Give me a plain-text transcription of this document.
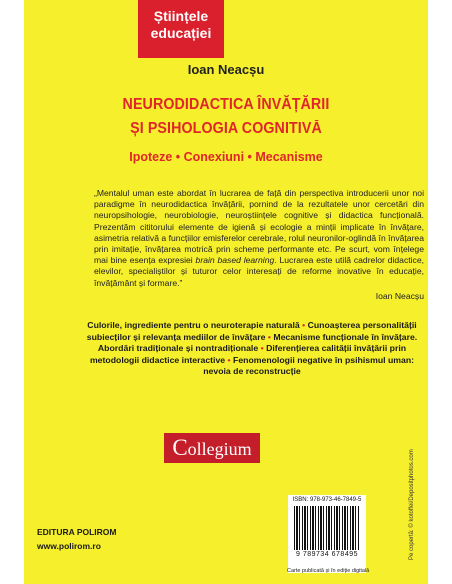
Științele
educației
Ioan Neacșu
NEURODIDACTICA ÎNVĂȚĂRII
ȘI PSIHOLOGIA COGNITIVĂ
Ipoteze • Conexiuni • Mecanisme
„Mentalul uman este abordat în lucrarea de față din perspectiva introducerii unor noi paradigme în neurodidactica învățării, pornind de la rezultatele unor cercetări din neuropsihologie, neurobiologie, neuroștiințele cognitive și didactica funcțională. Prezentăm cititorului elemente de igienă și ecologie a minții implicate în învățare, asimetria relativă a funcțiilor emisferelor cerebrale, rolul neuronilor-oglindă în învățarea prin imitație, învățarea motrică prin scheme performante etc. Pe scurt, vom înțelege mai bine esența expresiei brain based learning. Lucrarea este utilă cadrelor didactice, elevilor, specialiștilor și tuturor celor interesați de reforme inovative în educație, învățământ și formare.”
Ioan Neacșu
Culorile, ingrediente pentru o neuroterapie naturală • Cunoașterea personalității subiecților și relevanța mediilor de învățare • Mecanisme funcționale în învățare. Abordări tradiționale și nontradiționale • Diferențierea calității învățării prin metodologii didactice interactive • Fenomenologii negative în psihismul uman: nevoia de reconstrucție
Collegium
ISBN: 978-973-46-7849-5
9 789734 678495
Carte publicată și în ediție digitală
EDITURA POLIROM
www.polirom.ro	Pe copertă: © kotoffei/Depositphotos.com
